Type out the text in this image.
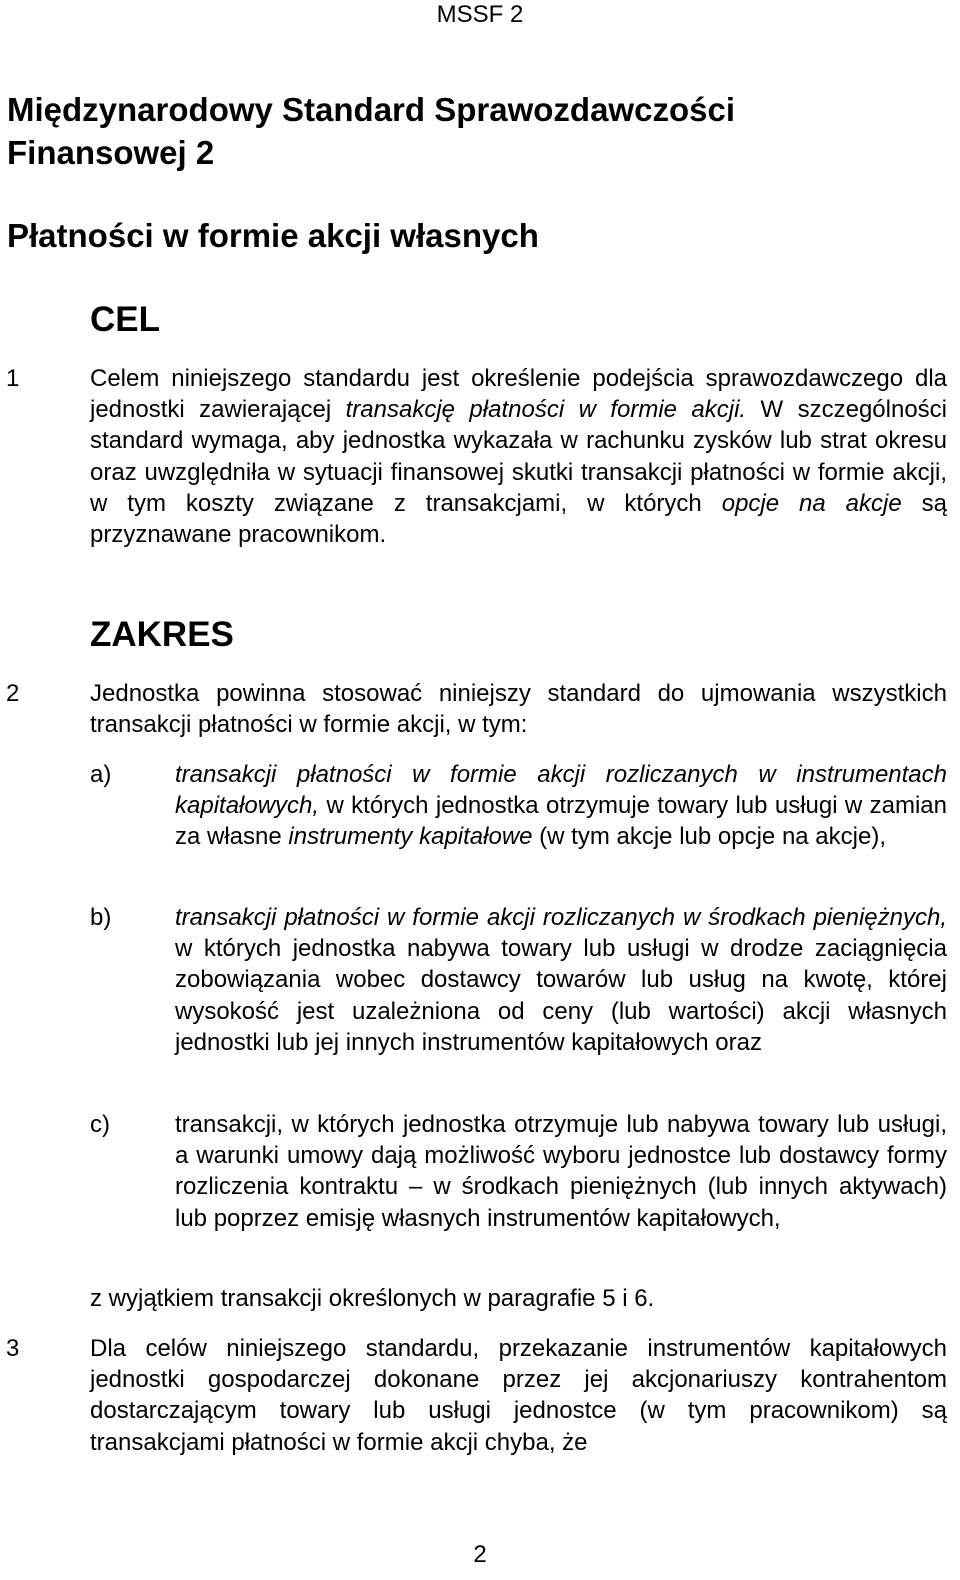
MSSF 2
Międzynarodowy Standard Sprawozdawczości
Finansowej 2
Płatności w formie akcji własnych
CEL
1	Celem niniejszego standardu jest określenie podejścia sprawozdawczego dla jednostki zawierającej transakcję płatności w formie akcji. W szczególności standard wymaga, aby jednostka wykazała w rachunku zysków lub strat okresu oraz uwzględniła w sytuacji finansowej skutki transakcji płatności w formie akcji, w tym koszty związane z transakcjami, w których opcje na akcje są przyznawane pracownikom.
ZAKRES
2	Jednostka powinna stosować niniejszy standard do ujmowania wszystkich transakcji płatności w formie akcji, w tym:
a)	transakcji płatności w formie akcji rozliczanych w instrumentach kapitałowych, w których jednostka otrzymuje towary lub usługi w zamian za własne instrumenty kapitałowe (w tym akcje lub opcje na akcje),
b)	transakcji płatności w formie akcji rozliczanych w środkach pieniężnych, w których jednostka nabywa towary lub usługi w drodze zaciągnięcia zobowiązania wobec dostawcy towarów lub usług na kwotę, której wysokość jest uzależniona od ceny (lub wartości) akcji własnych jednostki lub jej innych instrumentów kapitałowych oraz
c)	transakcji, w których jednostka otrzymuje lub nabywa towary lub usługi, a warunki umowy dają możliwość wyboru jednostce lub dostawcy formy rozliczenia kontraktu – w środkach pieniężnych (lub innych aktywach) lub poprzez emisję własnych instrumentów kapitałowych,
z wyjątkiem transakcji określonych w paragrafie 5 i 6.
3	Dla celów niniejszego standardu, przekazanie instrumentów kapitałowych jednostki gospodarczej dokonane przez jej akcjonariuszy kontrahentom dostarczającym towary lub usługi jednostce (w tym pracownikom) są transakcjami płatności w formie akcji chyba, że
2
